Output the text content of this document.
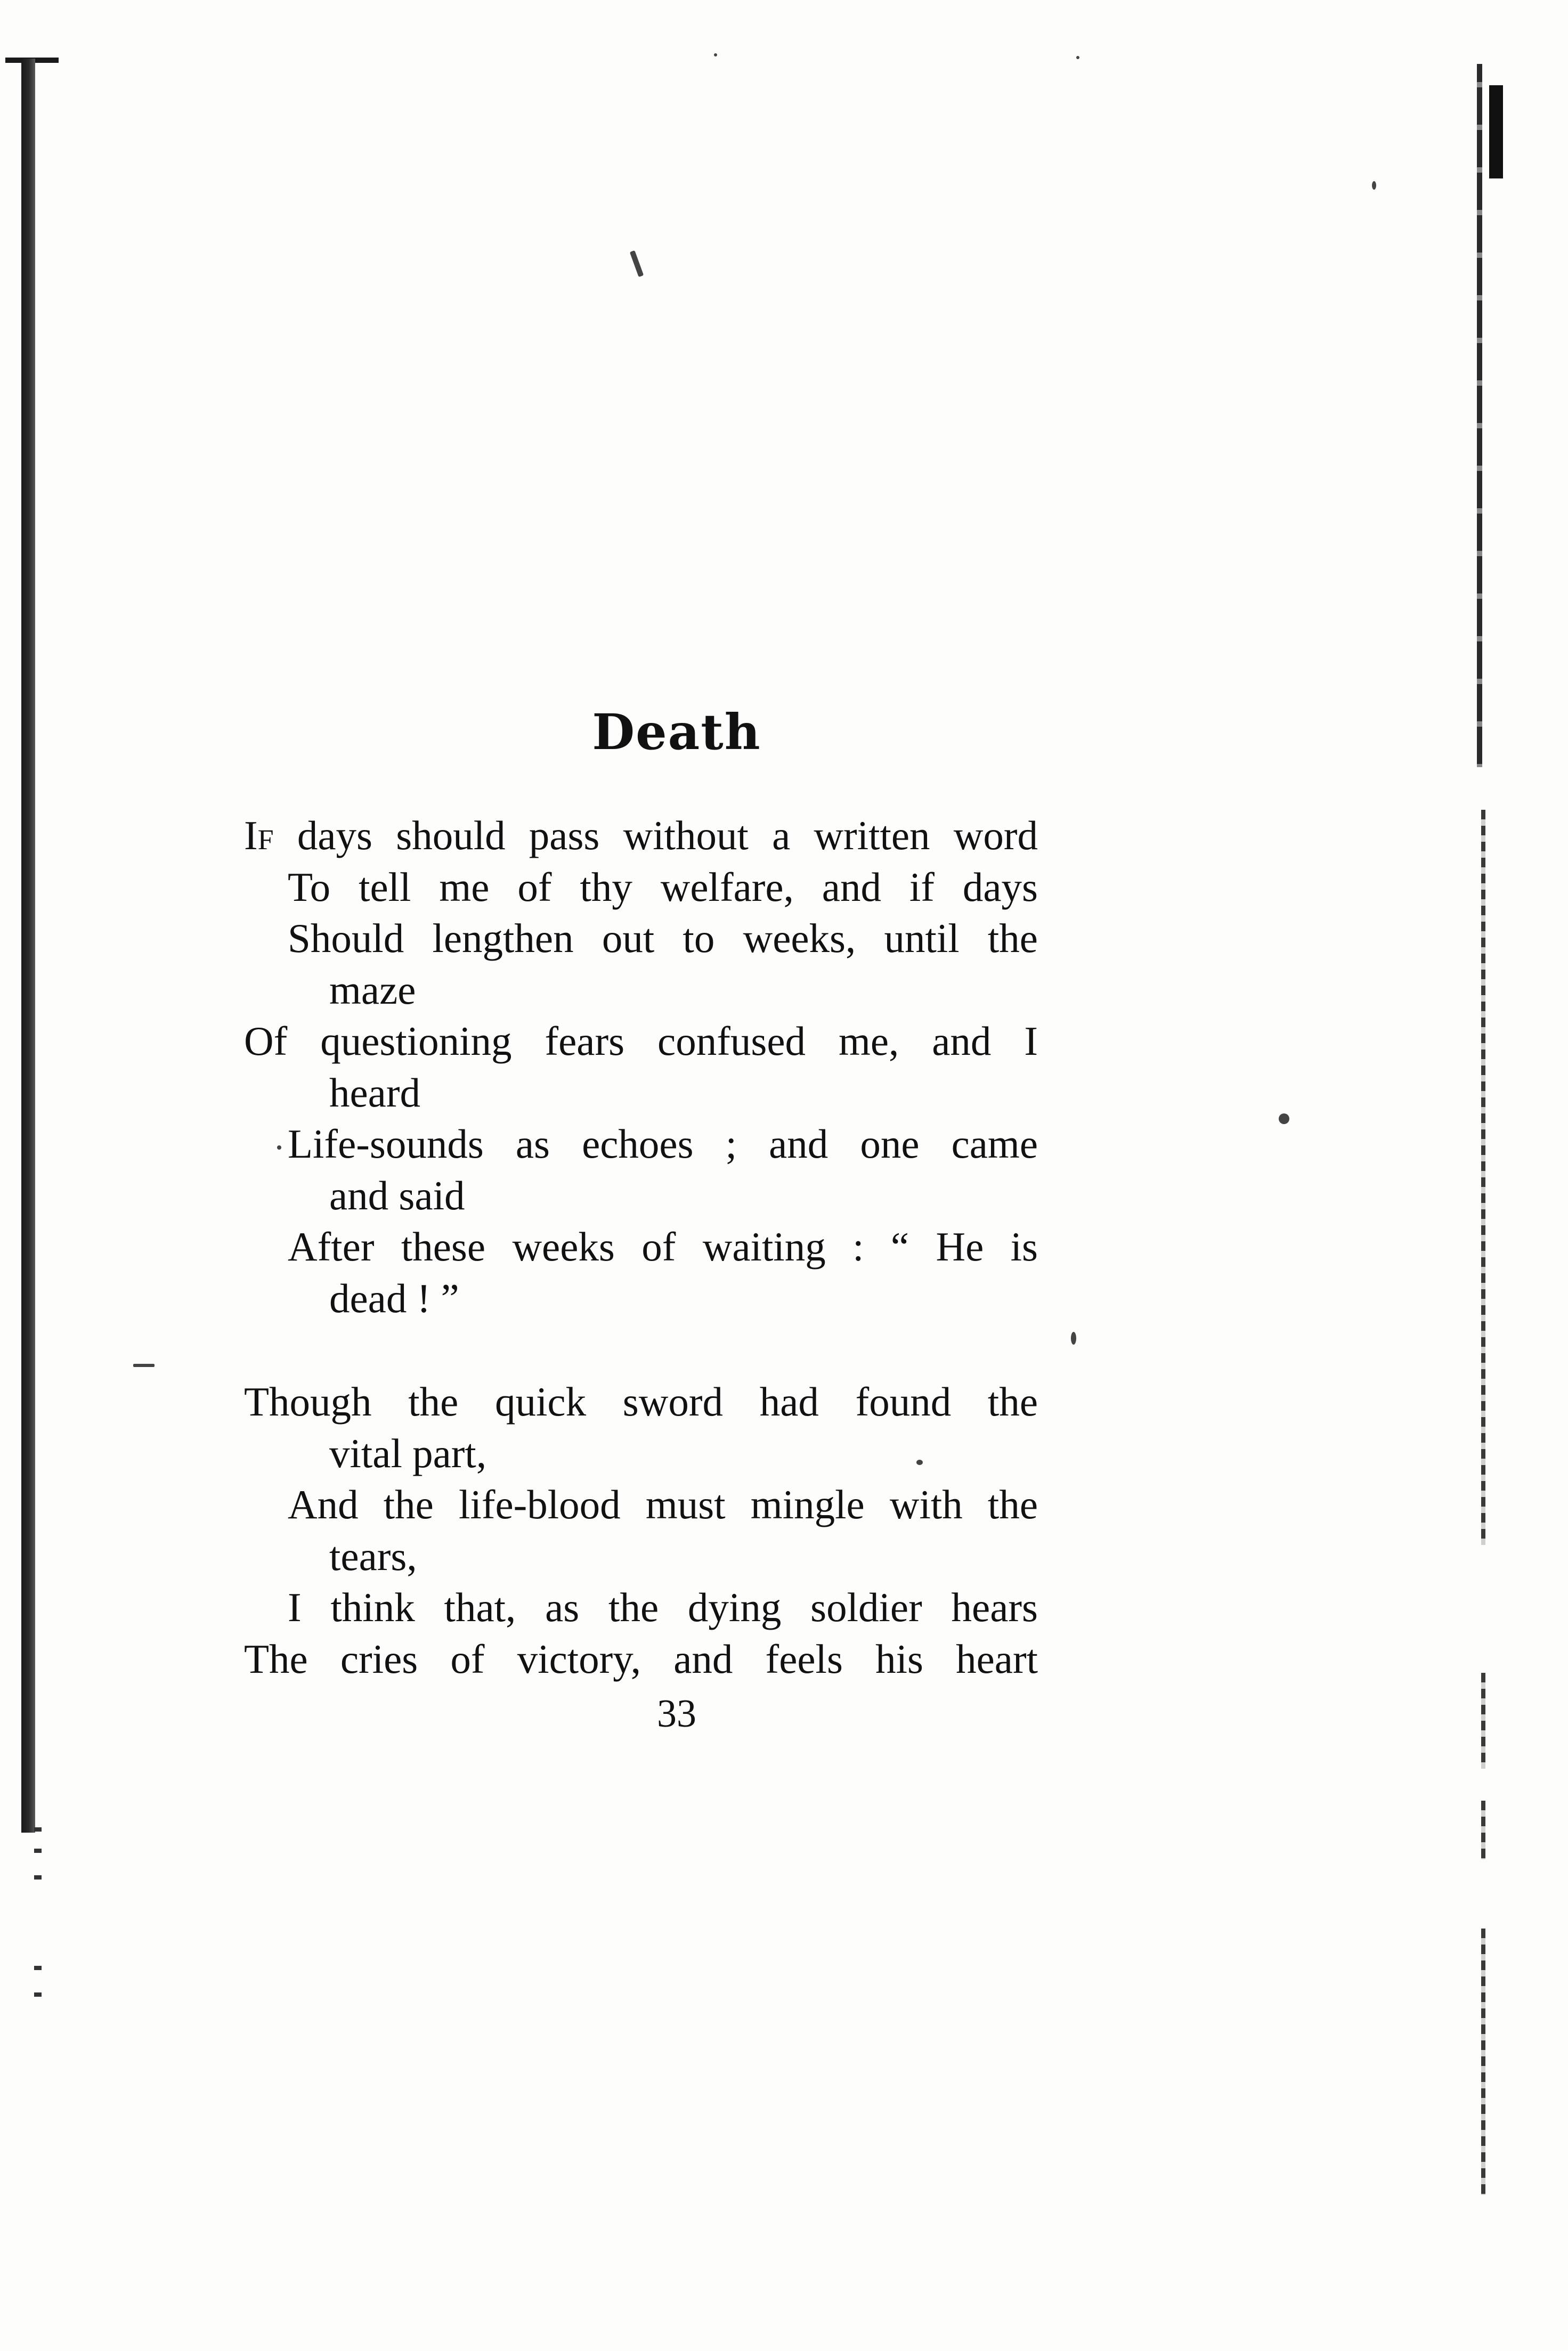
Death
If days should pass without a written word
To tell me of thy welfare, and if days
Should lengthen out to weeks, until the
maze
Of questioning fears confused me, and I
heard
Life-sounds as echoes ; and one came
and said
After these weeks of waiting : “ He is
dead ! ”
Though the quick sword had found the
vital part,
And the life-blood must mingle with the
tears,
I think that, as the dying soldier hears
The cries of victory, and feels his heart

33
